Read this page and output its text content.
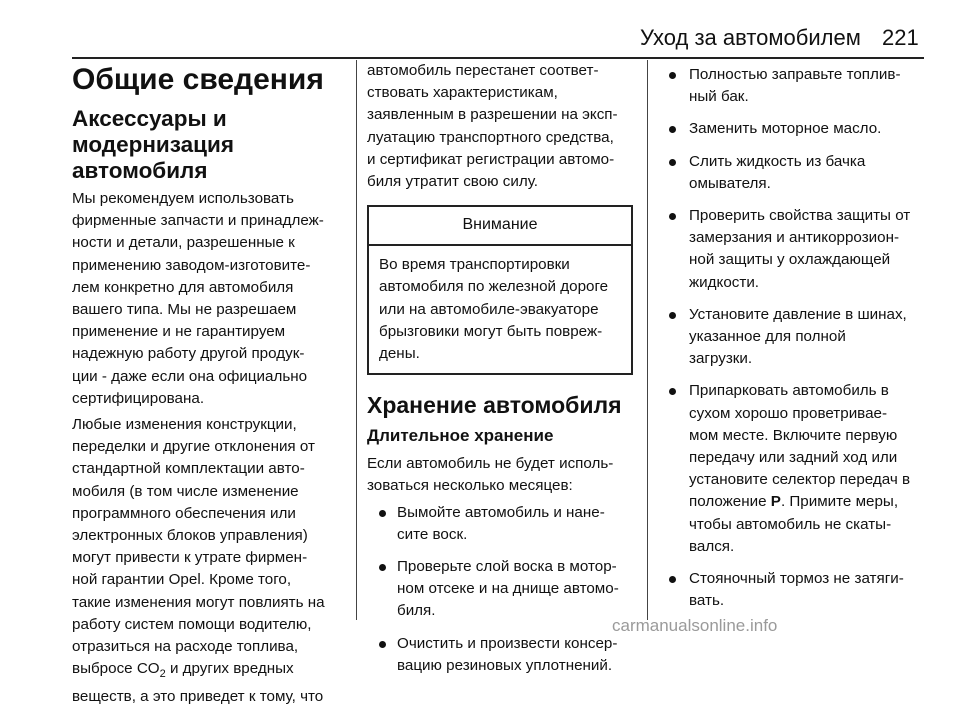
Уход за автомобилем 221
Общие сведения
Аксессуары и
модернизация
автомобиля

Мы рекомендуем использовать
фирменные запчасти и принадлеж-
ности и детали, разрешенные к
применению заводом-изготовите-
лем конкретно для автомобиля
вашего типа. Мы не разрешаем
применение и не гарантируем
надежную работу другой продук-
ции - даже если она официально
сертифицирована.

Любые изменения конструкции,
переделки и другие отклонения от
стандартной комплектации авто-
мобиля (в том числе изменение
программного обеспечения или
электронных блоков управления)
могут привести к утрате фирмен-
ной гарантии Opel. Кроме того,
такие изменения могут повлиять на
работу систем помощи водителю,
отразиться на расходе топлива,
выбросе $CO_2$ и других вредных
веществ, а это приведет к тому, что

автомобиль перестанет соответ-
ствовать характеристикам,
заявленным в разрешении на эксп-
луатацию транспортного средства,
и сертификат регистрации автомо-
биля утратит свою силу.

Внимание
Во время транспортировки
автомобиля по железной дороге
или на автомобиле-эвакуаторе
брызговики могут быть повреж-
дены.
Хранение автомобиля
Длительное хранение

Если автомобиль не будет исполь-
зоваться несколько месяцев:

Вымойте автомобиль и нане-
сите воск.
Проверьте слой воска в мотор-
ном отсеке и на днище автомо-
биля.
Очистить и произвести консер-
вацию резиновых уплотнений.
Полностью заправьте топлив-
ный бак.
Заменить моторное масло.
Слить жидкость из бачка
омывателя.
Проверить свойства защиты от
замерзания и антикоррозион-
ной защиты у охлаждающей
жидкости.
Установите давление в шинах,
указанное для полной
загрузки.
Припарковать автомобиль в
сухом хорошо проветривае-
мом месте. Включите первую
передачу или задний ход или
установите селектор передач в
положение P. Примите меры,
чтобы автомобиль не скаты-
вался.
Стояночный тормоз не затяги-
вать.
carmanualsonline.info
